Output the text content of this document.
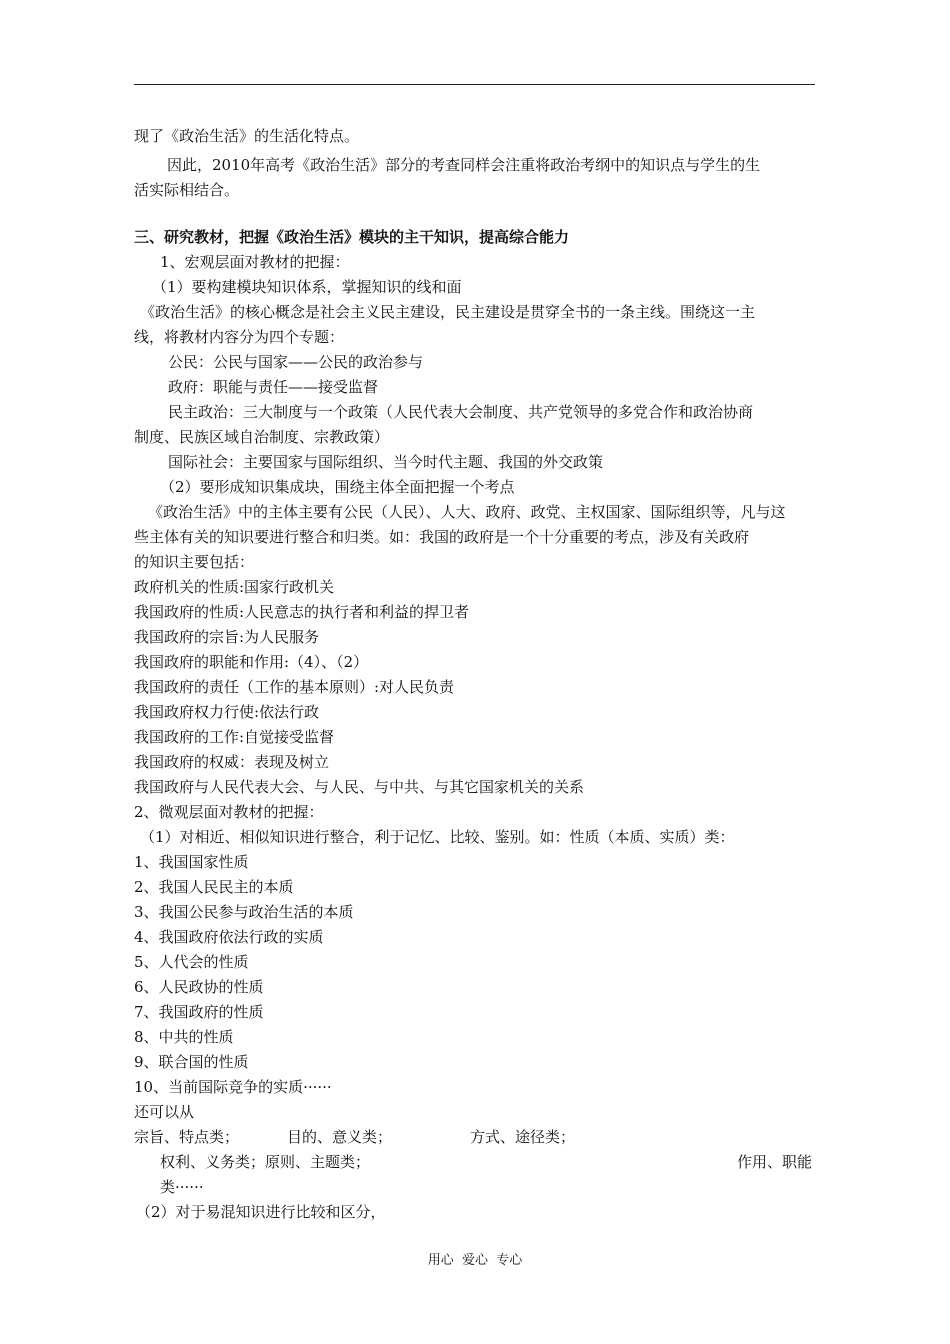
现了《政治生活》的生活化特点。
因此，2010年高考《政治生活》部分的考查同样会注重将政治考纲中的知识点与学生的生
活实际相结合。
三、研究教材，把握《政治生活》模块的主干知识，提高综合能力
1、宏观层面对教材的把握：
（1）要构建模块知识体系，掌握知识的线和面
《政治生活》的核心概念是社会主义民主建设，民主建设是贯穿全书的一条主线。围绕这一主
线，将教材内容分为四个专题：
公民：公民与国家——公民的政治参与
政府：职能与责任——接受监督
民主政治：三大制度与一个政策（人民代表大会制度、共产党领导的多党合作和政治协商
制度、民族区域自治制度、宗教政策）
国际社会：主要国家与国际组织、当今时代主题、我国的外交政策
（2）要形成知识集成块，围绕主体全面把握一个考点
《政治生活》中的主体主要有公民（人民）、人大、政府、政党、主权国家、国际组织等，凡与这
些主体有关的知识要进行整合和归类。如：我国的政府是一个十分重要的考点，涉及有关政府
的知识主要包括：
政府机关的性质:国家行政机关
我国政府的性质:人民意志的执行者和利益的捍卫者
我国政府的宗旨:为人民服务
我国政府的职能和作用:（4）、（2）
我国政府的责任（工作的基本原则）:对人民负责
我国政府权力行使:依法行政
我国政府的工作:自觉接受监督
我国政府的权威：表现及树立
我国政府与人民代表大会、与人民、与中共、与其它国家机关的关系
2、微观层面对教材的把握：
（1）对相近、相似知识进行整合，利于记忆、比较、鉴别。如：性质（本质、实质）类：
1、我国国家性质
2、我国人民民主的本质
3、我国公民参与政治生活的本质
4、我国政府依法行政的实质
5、人代会的性质
6、人民政协的性质
7、我国政府的性质
8、中共的性质
9、联合国的性质
10、当前国际竞争的实质······
还可以从
宗旨、特点类；	目的、意义类；	方式、途径类；
权利、义务类；原则、主题类；	作用、职能
类······
（2）对于易混知识进行比较和区分，
用心  爱心  专心
